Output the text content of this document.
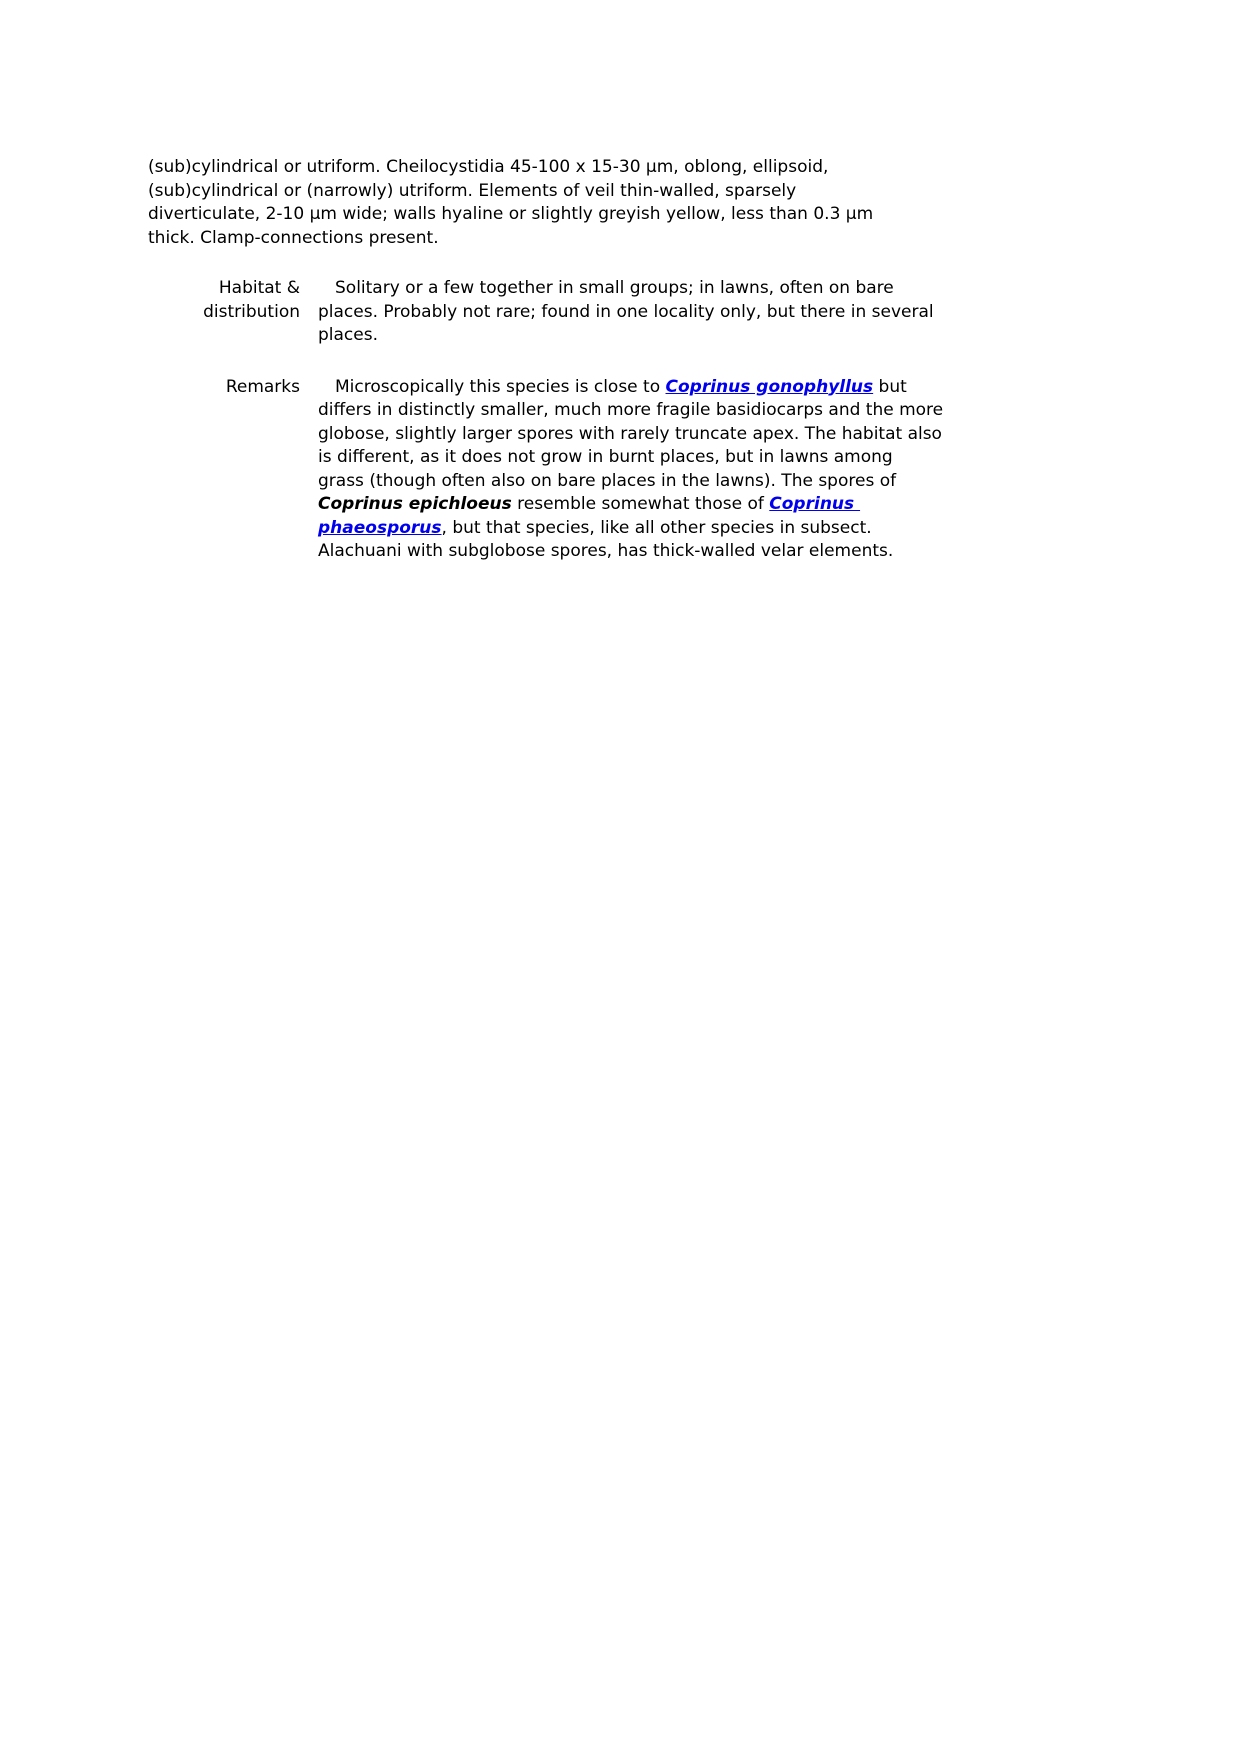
(sub)cylindrical or utriform. Cheilocystidia 45-100 x 15-30 μm, oblong, ellipsoid,
(sub)cylindrical or (narrowly) utriform. Elements of veil thin-walled, sparsely
diverticulate, 2-10 μm wide; walls hyaline or slightly greyish yellow, less than 0.3 μm
thick. Clamp-connections present.
Habitat &
distribution
Solitary or a few together in small groups; in lawns, often on bare
places. Probably not rare; found in one locality only, but there in several
places.
Remarks	Microscopically this species is close to Coprinus gonophyllus but
differs in distinctly smaller, much more fragile basidiocarps and the more
globose, slightly larger spores with rarely truncate apex. The habitat also
is different, as it does not grow in burnt places, but in lawns among
grass (though often also on bare places in the lawns). The spores of
Coprinus epichloeus resemble somewhat those of Coprinus
phaeosporus, but that species, like all other species in subsect.
Alachuani with subglobose spores, has thick-walled velar elements.
